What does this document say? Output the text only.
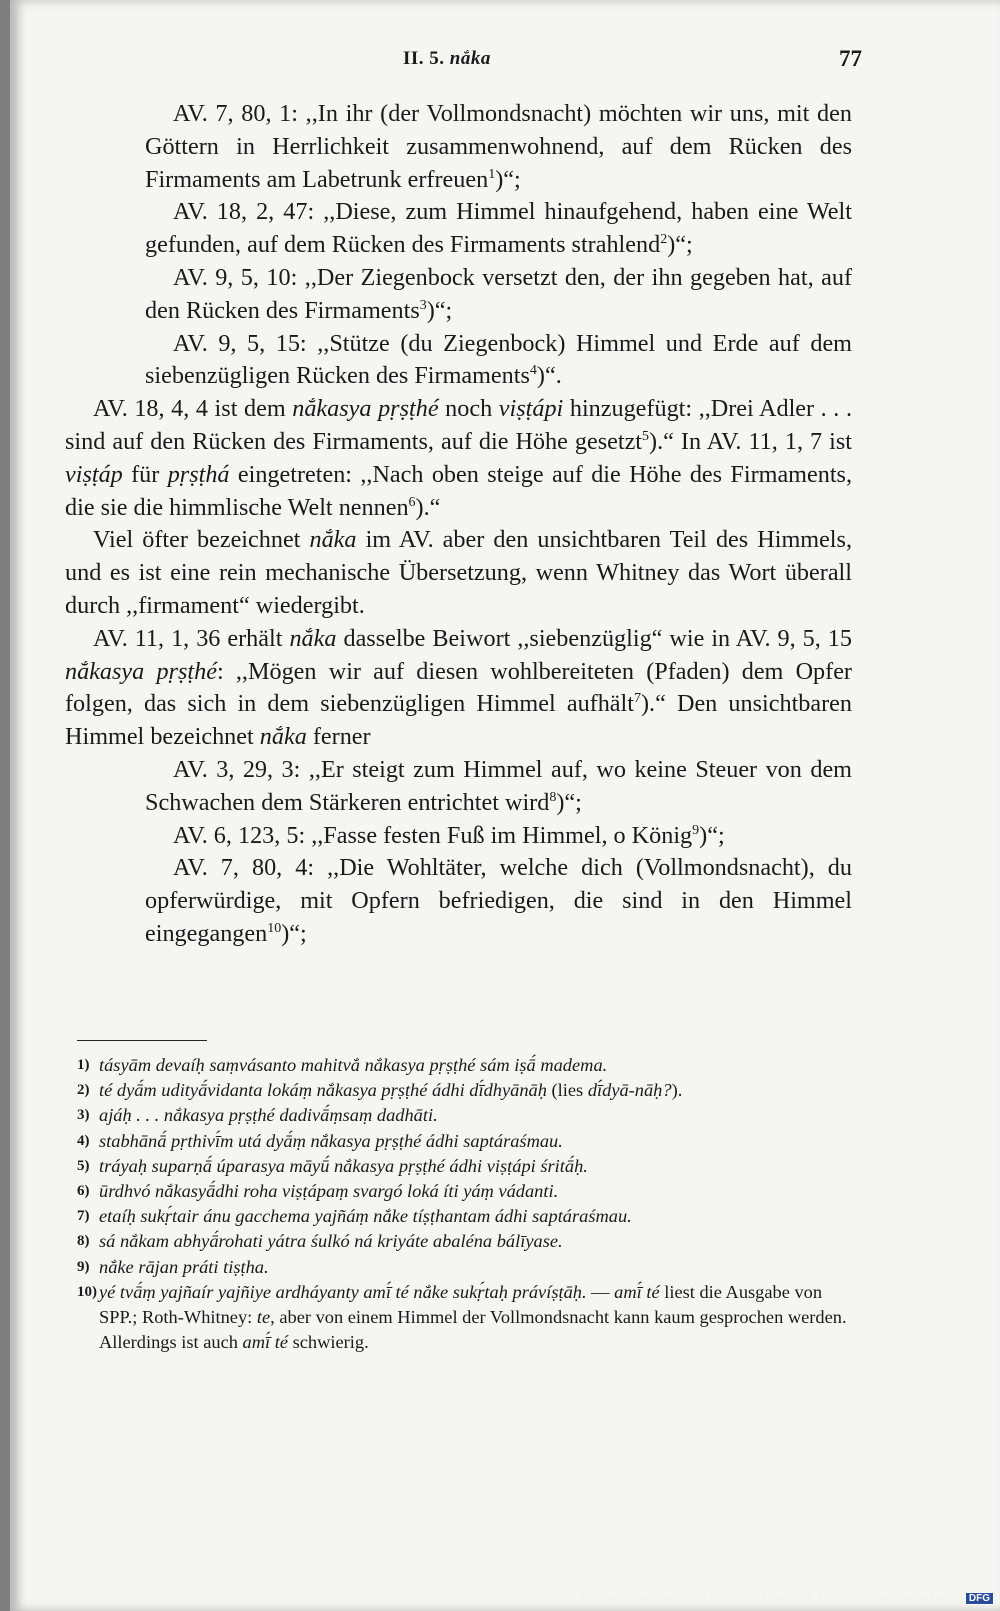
II. 5. nắka	77

AV. 7, 80, 1: ,,In ihr (der Vollmondsnacht) möchten wir uns, mit den Göttern in Herrlichkeit zusammenwohnend, auf dem Rücken des Firmaments am Labetrunk erfreuen$^1$)“;

AV. 18, 2, 47: ,,Diese, zum Himmel hinaufgehend, haben eine Welt gefunden, auf dem Rücken des Firmaments strahlend$^2$)“;

AV. 9, 5, 10: ,,Der Ziegenbock versetzt den, der ihn gegeben hat, auf den Rücken des Firmaments$^3$)“;

AV. 9, 5, 15: ,,Stütze (du Ziegenbock) Himmel und Erde auf dem siebenzügligen Rücken des Firmaments$^4$)“.

AV. 18, 4, 4 ist dem nắkasya pṛṣṭhé noch viṣṭápi hinzugefügt: ,,Drei Adler . . . sind auf den Rücken des Firmaments, auf die Höhe gesetzt$^5$).“ In AV. 11, 1, 7 ist viṣṭáp für pṛṣṭhá eingetreten: ,,Nach oben steige auf die Höhe des Firmaments, die sie die himmlische Welt nennen$^6$).“

Viel öfter bezeichnet nắka im AV. aber den unsichtbaren Teil des Himmels, und es ist eine rein mechanische Übersetzung, wenn Whitney das Wort überall durch ,,firmament“ wiedergibt.

AV. 11, 1, 36 erhält nắka dasselbe Beiwort ,,siebenzüglig“ wie in AV. 9, 5, 15 nắkasya pṛṣṭhé: ,,Mögen wir auf diesen wohlbereiteten (Pfaden) dem Opfer folgen, das sich in dem siebenzügligen Himmel aufhält$^7$).“ Den unsichtbaren Himmel bezeichnet nắka ferner

AV. 3, 29, 3: ,,Er steigt zum Himmel auf, wo keine Steuer von dem Schwachen dem Stärkeren entrichtet wird$^8$)“;

AV. 6, 123, 5: ,,Fasse festen Fuß im Himmel, o König$^9$)“;

AV. 7, 80, 4: ,,Die Wohltäter, welche dich (Vollmondsnacht), du opferwürdige, mit Opfern befriedigen, die sind in den Himmel eingegangen$^{10}$)“;

1) tásyām devaíḥ saṃvásanto mahitvắ nắkasya pṛṣṭhé sám iṣā́ madema.

2) té dyā́m udityā́vidanta lokáṃ nắkasya pṛṣṭhé ádhi dī́dhyānāḥ (lies dī́dyā-nāḥ?).

3) ajáḥ . . . nắkasya pṛṣṭhé dadivā́ṃsaṃ dadhāti.

4) stabhānā́ pṛthivī́m utá dyā́ṃ nắkasya pṛṣṭhé ádhi saptáraśmau.

5) tráyaḥ suparṇā́ úparasya māyū́ nắkasya pṛṣṭhé ádhi viṣṭápi śritā́ḥ.

6) ūrdhvó nắkasyā́dhi roha viṣṭápaṃ svargó loká íti yáṃ vádanti.

7) etaíḥ sukṛ́tair ánu gacchema yajñáṃ nắke tíṣṭhantam ádhi saptáraśmau.

8) sá nắkam abhyā́rohati yátra śulkó ná kriyáte abaléna bálīyase.

9) nắke rājan práti tiṣṭha.

10) yé tvā́ṃ yajñaír yajñiye ardháyanty amī́ té nắke sukṛ́taḥ právíṣṭāḥ. — amī́ té liest die Ausgabe von SPP.; Roth-Whitney: te, aber von einem Himmel der Vollmondsnacht kann kaum gesprochen werden. Allerdings ist auch amī́ té schwierig.

Digitalisierung gefördert durch die Deutsche Forschungsgemeinschaft - DFG
